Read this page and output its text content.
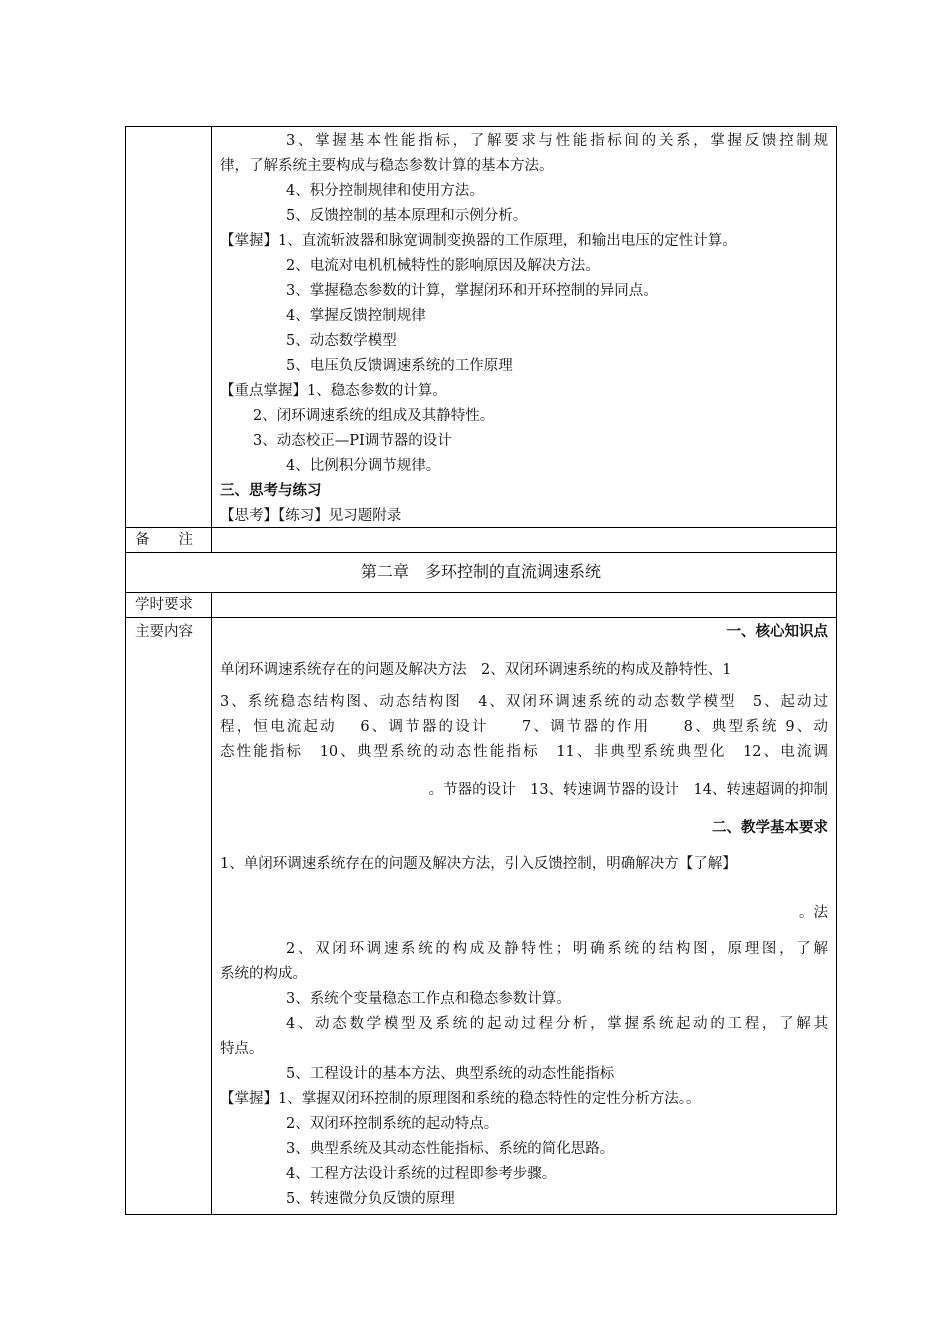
3、掌握基本性能指标，了解要求与性能指标间的关系，掌握反馈控制规
律，了解系统主要构成与稳态参数计算的基本方法。
4、积分控制规律和使用方法。
5、反馈控制的基本原理和示例分析。
【掌握】1、直流斩波器和脉宽调制变换器的工作原理，和输出电压的定性计算。
2、电流对电机机械特性的影响原因及解决方法。
3、掌握稳态参数的计算，掌握闭环和开环控制的异同点。
4、掌握反馈控制规律
5、动态数学模型
5、电压负反馈调速系统的工作原理
【重点掌握】1、稳态参数的计算。
2、闭环调速系统的组成及其静特性。
3、动态校正—PI调节器的设计
4、比例积分调节规律。
三、思考与练习
【思考】【练习】见习题附录
备　　注
第二章　多环控制的直流调速系统
学时要求
主要内容	一、核心知识点
单闭环调速系统存在的问题及解决方法　2、双闭环调速系统的构成及静特性、1
3、系统稳态结构图、动态结构图　4、双闭环调速系统的动态数学模型　5、起动过
程，恒电流起动　 6、调节器的设计　　7、调节器的作用　　8、典型系统 9、动
态性能指标　10、典型系统的动态性能指标　11、非典型系统典型化　12、电流调
。节器的设计　13、转速调节器的设计　14、转速超调的抑制
二、教学基本要求
1、单闭环调速系统存在的问题及解决方法，引入反馈控制，明确解决方【了解】
。法
2、双闭环调速系统的构成及静特性；明确系统的结构图，原理图，了解
系统的构成。
3、系统个变量稳态工作点和稳态参数计算。
4、动态数学模型及系统的起动过程分析，掌握系统起动的工程，了解其
特点。
5、工程设计的基本方法、典型系统的动态性能指标
【掌握】1、掌握双闭环控制的原理图和系统的稳态特性的定性分析方法。。
2、双闭环控制系统的起动特点。
3、典型系统及其动态性能指标、系统的简化思路。
4、工程方法设计系统的过程即参考步骤。
5、转速微分负反馈的原理
